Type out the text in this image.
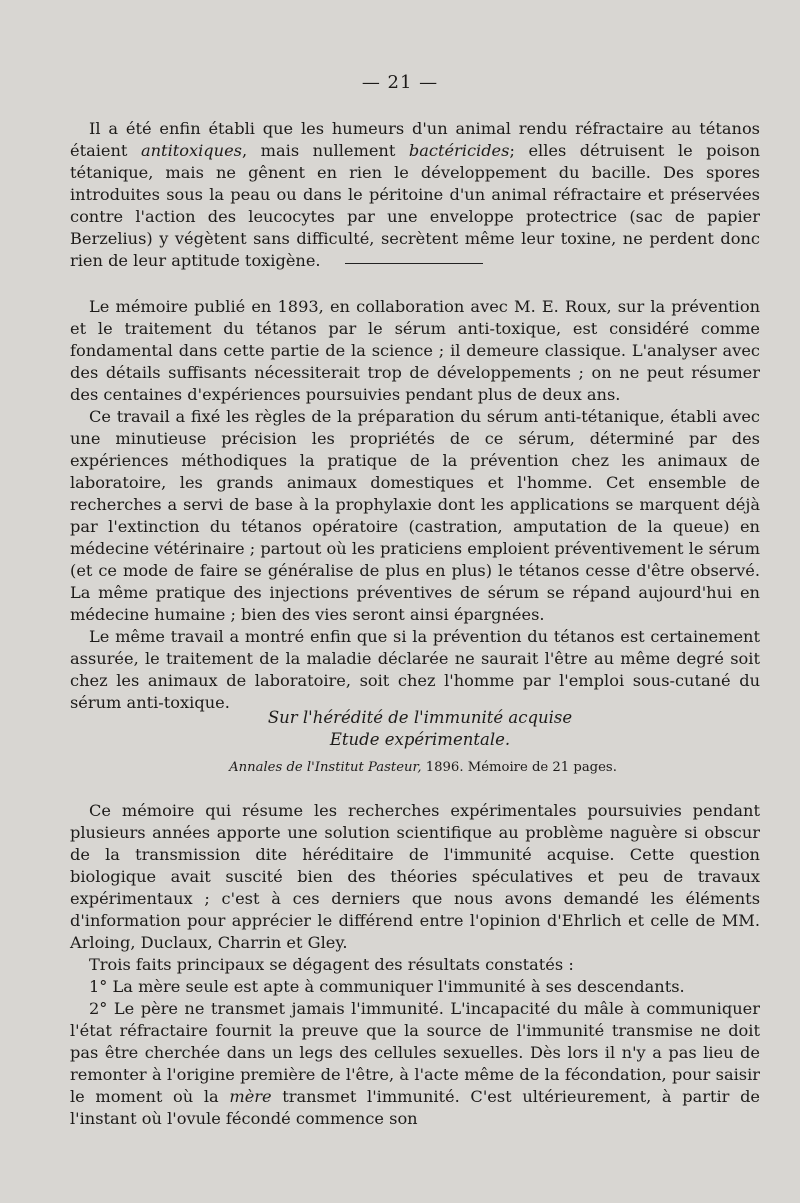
— 21 —

Il a été enfin établi que les humeurs d'un animal rendu réfractaire au tétanos étaient antitoxiques, mais nullement bactéricides; elles détruisent le poison tétanique, mais ne gênent en rien le développement du bacille. Des spores introduites sous la peau ou dans le péritoine d'un animal réfractaire et préservées contre l'action des leucocytes par une enveloppe protectrice (sac de papier Berzelius) y végètent sans difficulté, secrètent même leur toxine, ne perdent donc rien de leur aptitude toxigène.

Le mémoire publié en 1893, en collaboration avec M. E. Roux, sur la prévention et le traitement du tétanos par le sérum anti-toxique, est considéré comme fondamental dans cette partie de la science ; il demeure classique. L'analyser avec des détails suffisants nécessiterait trop de développements ; on ne peut résumer des centaines d'expériences poursuivies pendant plus de deux ans.

Ce travail a fixé les règles de la préparation du sérum anti-tétanique, établi avec une minutieuse précision les propriétés de ce sérum, déterminé par des expériences méthodiques la pratique de la prévention chez les animaux de laboratoire, les grands animaux domestiques et l'homme. Cet ensemble de recherches a servi de base à la prophylaxie dont les applications se marquent déjà par l'extinction du tétanos opératoire (castration, amputation de la queue) en médecine vétérinaire ; partout où les praticiens emploient préventivement le sérum (et ce mode de faire se généralise de plus en plus) le tétanos cesse d'être observé. La même pratique des injections préventives de sérum se répand aujourd'hui en médecine humaine ; bien des vies seront ainsi épargnées.

Le même travail a montré enfin que si la prévention du tétanos est certainement assurée, le traitement de la maladie déclarée ne saurait l'être au même degré soit chez les animaux de laboratoire, soit chez l'homme par l'emploi sous-cutané du sérum anti-toxique.

Sur l'hérédité de l'immunité acquise
Etude expérimentale.
Annales de l'Institut Pasteur, 1896. Mémoire de 21 pages.

Ce mémoire qui résume les recherches expérimentales poursuivies pendant plusieurs années apporte une solution scientifique au problème naguère si obscur de la transmission dite héréditaire de l'immunité acquise. Cette question biologique avait suscité bien des théories spéculatives et peu de travaux expérimentaux ; c'est à ces derniers que nous avons demandé les éléments d'information pour apprécier le différend entre l'opinion d'Ehrlich et celle de MM. Arloing, Duclaux, Charrin et Gley.

Trois faits principaux se dégagent des résultats constatés :

1° La mère seule est apte à communiquer l'immunité à ses descendants.

2° Le père ne transmet jamais l'immunité. L'incapacité du mâle à communiquer l'état réfractaire fournit la preuve que la source de l'immunité transmise ne doit pas être cherchée dans un legs des cellules sexuelles. Dès lors il n'y a pas lieu de remonter à l'origine première de l'être, à l'acte même de la fécondation, pour saisir le moment où la mère transmet l'immunité. C'est ultérieurement, à partir de l'instant où l'ovule fécondé commence son
